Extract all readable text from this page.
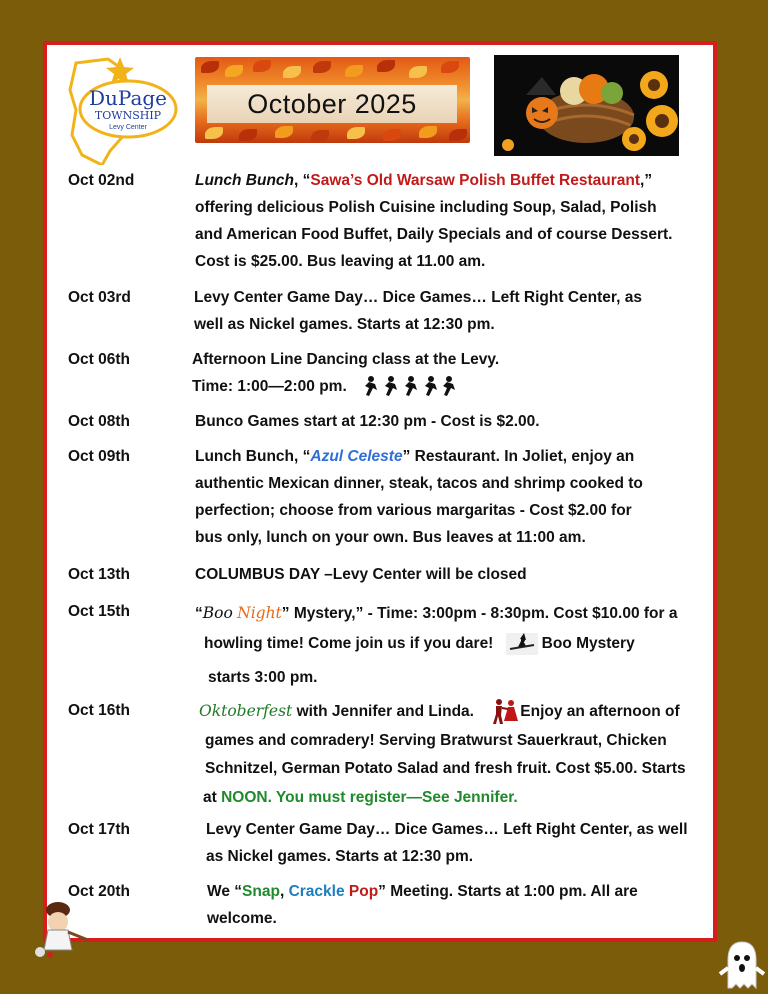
DuPage
TOWNSHIP
Levy Center
October 2025
Oct 02nd	Lunch Bunch, “Sawa’s Old Warsaw Polish Buffet Restaurant,”
offering delicious Polish Cuisine including Soup, Salad, Polish
and American Food Buffet, Daily Specials and of course Dessert.
Cost is $25.00. Bus leaving at 11.00 am.
Oct 03rd	Levy Center Game Day… Dice Games… Left Right Center, as
well as Nickel games. Starts at 12:30 pm.
Oct 06th	Afternoon Line Dancing class at the Levy.
Time: 1:00—2:00 pm.
Oct 08th	Bunco Games start at 12:30 pm - Cost is $2.00.
Oct 09th	Lunch Bunch, “Azul Celeste” Restaurant. In Joliet, enjoy an
authentic Mexican dinner, steak, tacos and shrimp cooked to
perfection; choose from various margaritas - Cost $2.00 for
bus only, lunch on your own. Bus leaves at 11:00 am.
Oct 13th	COLUMBUS DAY –Levy Center will be closed
Oct 15th	“Boo Night” Mystery,” - Time: 3:00pm - 8:30pm. Cost $10.00 for a
howling time! Come join us if you dare!	Boo Mystery
starts 3:00 pm.
Oct 16th	Oktoberfest with Jennifer and Linda.	Enjoy an afternoon of
games and comradery! Serving Bratwurst Sauerkraut, Chicken
Schnitzel, German Potato Salad and fresh fruit. Cost $5.00. Starts
at NOON. You must register—See Jennifer.
Oct 17th	Levy Center Game Day… Dice Games… Left Right Center, as well
as Nickel games. Starts at 12:30 pm.
Oct 20th	We “Snap, Crackle Pop” Meeting. Starts at 1:00 pm. All are
welcome.
